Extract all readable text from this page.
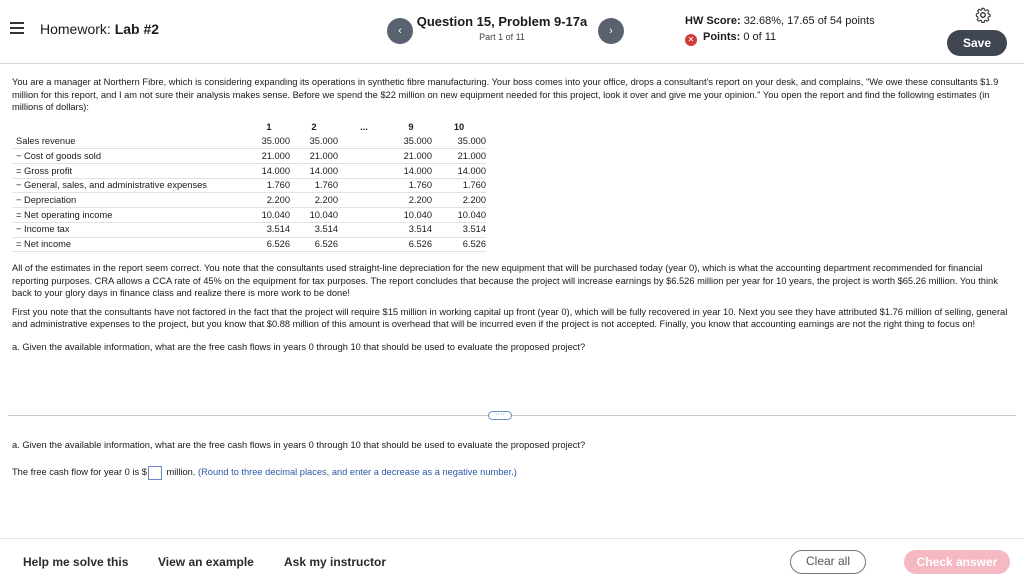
Homework: Lab #2	‹
Question 15, Problem 9-17a
Part 1 of 11	›
HW Score: 32.68%, 17.65 of 54 points
✕ Points: 0 of 11	Save

You are a manager at Northern Fibre, which is considering expanding its operations in synthetic fibre manufacturing. Your boss comes into your office, drops a consultant's report on your desk, and complains, "We owe these consultants $1.9 million for this report, and I am not sure their analysis makes sense. Before we spend the $22 million on new equipment needed for this project, look it over and give me your opinion." You open the report and find the following estimates (in millions of dollars):

	1	2	...	9	10
Sales revenue	35.000	35.000		35.000	35.000
− Cost of goods sold	21.000	21.000		21.000	21.000
= Gross profit	14.000	14.000		14.000	14.000
− General, sales, and administrative expenses	1.760	1.760		1.760	1.760
− Depreciation	2.200	2.200		2.200	2.200
= Net operating income	10.040	10.040		10.040	10.040
− Income tax	3.514	3.514		3.514	3.514
= Net income	6.526	6.526		6.526	6.526

All of the estimates in the report seem correct. You note that the consultants used straight-line depreciation for the new equipment that will be purchased today (year 0), which is what the accounting department recommended for financial reporting purposes. CRA allows a CCA rate of 45% on the equipment for tax purposes. The report concludes that because the project will increase earnings by $6.526 million per year for 10 years, the project is worth $65.26 million. You think back to your glory days in finance class and realize there is more work to be done!

First you note that the consultants have not factored in the fact that the project will require $15 million in working capital up front (year 0), which will be fully recovered in year 10. Next you see they have attributed $1.76 million of selling, general and administrative expenses to the project, but you know that $0.88 million of this amount is overhead that will be incurred even if the project is not accepted. Finally, you know that accounting earnings are not the right thing to focus on!

a. Given the available information, what are the free cash flows in years 0 through 10 that should be used to evaluate the proposed project?

····
a. Given the available information, what are the free cash flows in years 0 through 10 that should be used to evaluate the proposed project?
The free cash flow for year 0 is $ million. (Round to three decimal places, and enter a decrease as a negative number.)
Help me solve this View an example	Ask my instructor	Clear all	Check answer
